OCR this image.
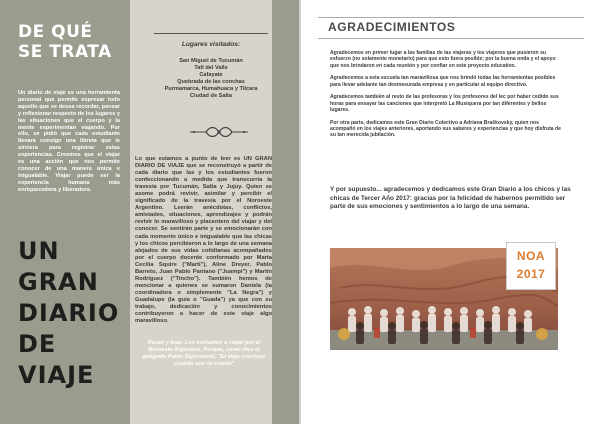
DE QUÉ
SE TRATA

Un diario de viaje es una herramienta personal que permite expresar todo aquello que se desea recordar, pensar y reflexionar respecto de los lugares y las situaciones que el cuerpo y la mente experimentan viajando. Por ello, se pidió que cada estudiante llevara consigo una libreta que le sirviera para registrar estas experiencias. Creemos que el viajar es una acción que nos permite conocer de una manera única e inigualable. Viajar puede ser la experiencia humana más enriquecedora y liberadora.

UN
GRAN
DIARIO
DE
VIAJE
Lugares visitados:
San Miguel de Tucumán
Tafí del Valle
Cafayate
Quebrada de las conchas
Purmamarca, Humahuaca y Tilcara
Ciudad de Salta

Lo que estamos a punto de leer es UN GRAN DIARIO DE VIAJE que se reconstruyó a partir de cada diario que las y los estudiantes fueron confeccionando a medida que transcurría la travesía por Tucumán, Salta y Jujuy. Quien se asome podrá revivir, asimilar y percibir el significado de la travesía por el Noroeste Argentino. Leerán anécdotas, conflictos, amistades, situaciones, aprendizajes y podrán revivir lo maravilloso y placentero del viajar y del conocer. Se sentirán parte y se emocionarán con cada momento único e inigualable que las chicas y los chicos percibieron a lo largo de una semana alejados de sus vidas cotidianas acompañados por el cuerpo docente conformado por Marta Cecilia Squire ("Marti"), Aline Dreyer, Pablo Barreto, Juan Pablo Pantano ("Juampi") y Martín Rodriguez ("Tincho"). También hemos de mencionar a quienes se sumaron Daniela (la coordinadora o simplemente "La Negra") y Guadalupe (la guía o "Guada") ya que con su trabajo, dedicación y conocimientos contribuyeron a hacer de este viaje algo maravilloso.

Pasen y lean. Los invitamos a viajar por el Noroeste Argentino. Porque, como dice el geógrafo Pablo Sigismondi, "El viaje concluye cuando uno lo cuenta"

AGRADECIMIENTOS

Agradecemos en primer lugar a las familias de las viajeras y los viajeros que pusieron su esfuerzo (no solamente monetario) para que esto fuera posible; por la buena onda y el apoyo que nos brindaron en cada reunión y por confiar en este proyecto educativo.

Agradecemos a esta escuela tan maravillosa que nos brindó todas las herramientas posibles para llevar adelante tan desmesurada empresa y en particular al equipo directivo.

Agradecemos también al resto de las profesoras y los profesores del Iec por haber cedido sus horas para ensayar las canciones que interpretó La Musiquera por tan diferentes y bellos lugares.

Por otra parte, dedicamos este Gran Diario Colectivo a Adriana Braškovsky, quien nos acompañó en los viajes anteriores, aportando sus saberes y experiencias y que hoy disfruta de su tan merecida jubilación.

Y por supuesto... agradecemos y dedicamos este Gran Diario a los chicos y las chicas de Tercer Año 2017: gracias por la felicidad de habernos permitido ser parte de sus emociones y sentimientos a lo largo de una semana.

NOA
2017
